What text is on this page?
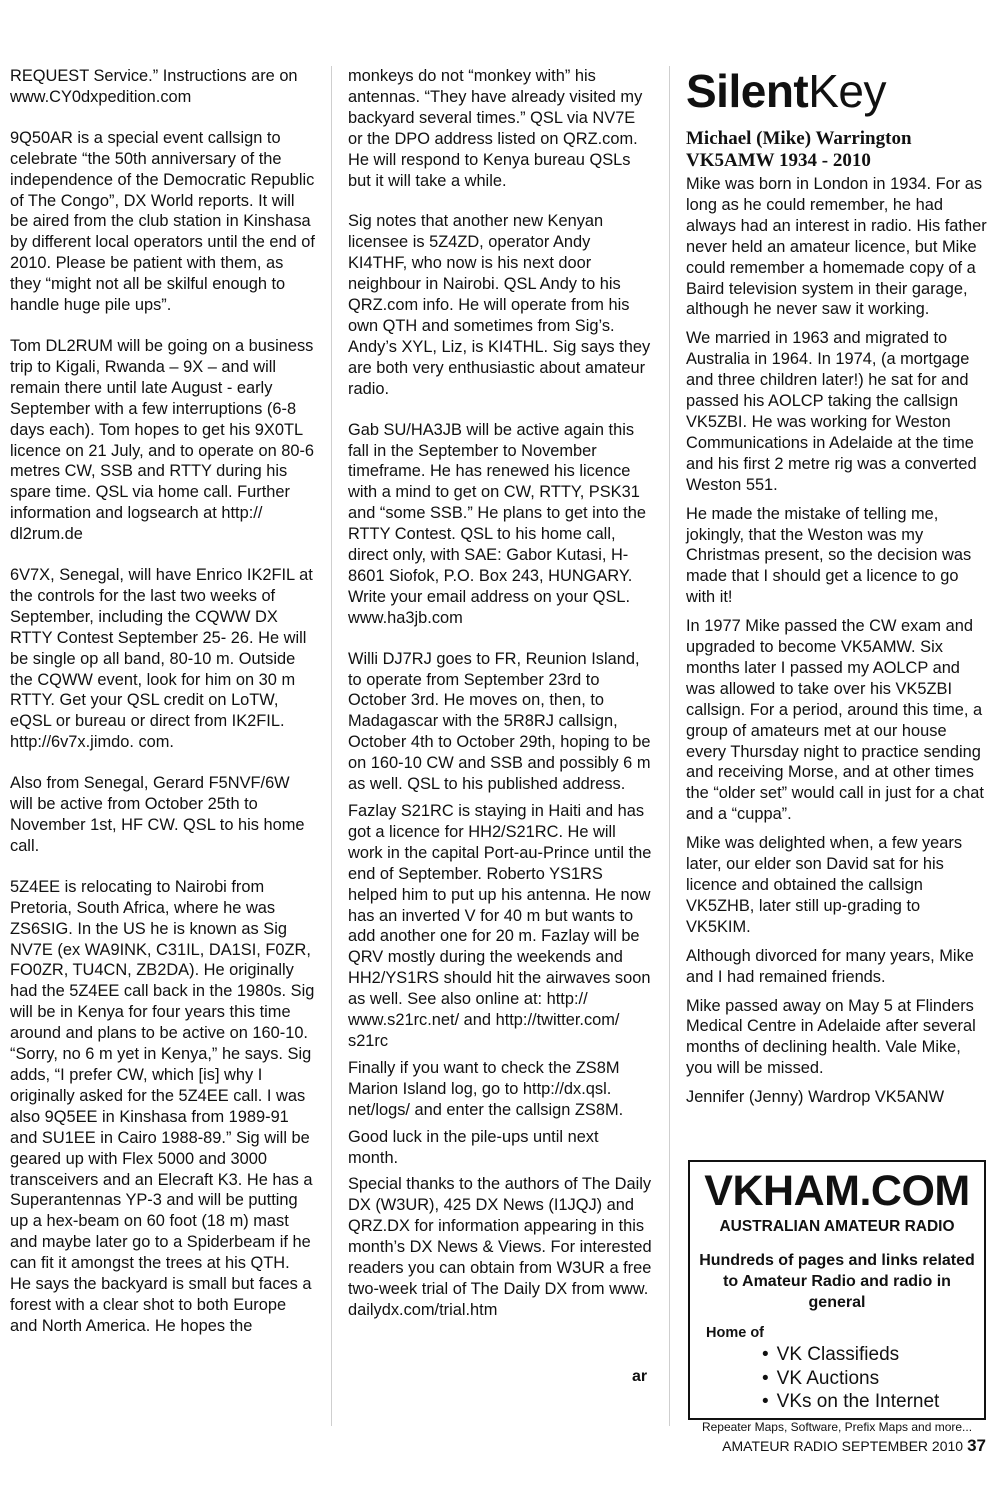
REQUEST Service.” Instructions are on www.CY0dxpedition.com

9Q50AR is a special event callsign to celebrate “the 50th anniversary of the independence of the Democratic Republic of The Congo”, DX World reports. It will be aired from the club station in Kinshasa by different local operators until the end of 2010. Please be patient with them, as they “might not all be skilful enough to handle huge pile ups”.

Tom DL2RUM will be going on a business trip to Kigali, Rwanda – 9X – and will remain there until late August - early September with a few interruptions (6-8 days each). Tom hopes to get his 9X0TL licence on 21 July, and to operate on 80-6 metres CW, SSB and RTTY during his spare time. QSL via home call. Further information and logsearch at http:// dl2rum.de

6V7X, Senegal, will have Enrico IK2FIL at the controls for the last two weeks of September, including the CQWW DX RTTY Contest September 25- 26. He will be single op all band, 80-10 m. Outside the CQWW event, look for him on 30 m RTTY. Get your QSL credit on LoTW, eQSL or bureau or direct from IK2FIL. http://6v7x.jimdo. com.

Also from Senegal, Gerard F5NVF/6W will be active from October 25th to November 1st, HF CW. QSL to his home call.

5Z4EE is relocating to Nairobi from Pretoria, South Africa, where he was ZS6SIG. In the US he is known as Sig NV7E (ex WA9INK, C31IL, DA1SI, F0ZR, FO0ZR, TU4CN, ZB2DA). He originally had the 5Z4EE call back in the 1980s. Sig will be in Kenya for four years this time around and plans to be active on 160-10. “Sorry, no 6 m yet in Kenya,” he says. Sig adds, “I prefer CW, which [is] why I originally asked for the 5Z4EE call. I was also 9Q5EE in Kinshasa from 1989-91 and SU1EE in Cairo 1988-89.” Sig will be geared up with Flex 5000 and 3000 transceivers and an Elecraft K3. He has a Superantennas YP-3 and will be putting up a hex-beam on 60 foot (18 m) mast and maybe later go to a Spiderbeam if he can fit it amongst the trees at his QTH. He says the backyard is small but faces a forest with a clear shot to both Europe and North America. He hopes the

monkeys do not “monkey with” his antennas. “They have already visited my backyard several times.” QSL via NV7E or the DPO address listed on QRZ.com. He will respond to Kenya bureau QSLs but it will take a while.

Sig notes that another new Kenyan licensee is 5Z4ZD, operator Andy KI4THF, who now is his next door neighbour in Nairobi. QSL Andy to his QRZ.com info. He will operate from his own QTH and sometimes from Sig’s. Andy’s XYL, Liz, is KI4THL. Sig says they are both very enthusiastic about amateur radio.

Gab SU/HA3JB will be active again this fall in the September to November timeframe. He has renewed his licence with a mind to get on CW, RTTY, PSK31 and “some SSB.” He plans to get into the RTTY Contest. QSL to his home call, direct only, with SAE: Gabor Kutasi, H-8601 Siofok, P.O. Box 243, HUNGARY. Write your email address on your QSL. www.ha3jb.com

Willi DJ7RJ goes to FR, Reunion Island, to operate from September 23rd to October 3rd. He moves on, then, to Madagascar with the 5R8RJ callsign, October 4th to October 29th, hoping to be on 160-10 CW and SSB and possibly 6 m as well. QSL to his published address.

Fazlay S21RC is staying in Haiti and has got a licence for HH2/S21RC. He will work in the capital Port-au-Prince until the end of September. Roberto YS1RS helped him to put up his antenna. He now has an inverted V for 40 m but wants to add another one for 20 m. Fazlay will be QRV mostly during the weekends and HH2/YS1RS should hit the airwaves soon as well. See also online at: http:// www.s21rc.net/ and http://twitter.com/ s21rc

Finally if you want to check the ZS8M Marion Island log, go to http://dx.qsl. net/logs/ and enter the callsign ZS8M.

Good luck in the pile-ups until next month.

Special thanks to the authors of The Daily DX (W3UR), 425 DX News (I1JQJ) and QRZ.DX for information appearing in this month’s DX News & Views. For interested readers you can obtain from W3UR a free two-week trial of The Daily DX from www. dailydx.com/trial.htm

ar
SilentKey
Michael (Mike) Warrington
VK5AMW 1934 - 2010

Mike was born in London in 1934. For as long as he could remember, he had always had an interest in radio. His father never held an amateur licence, but Mike could remember a homemade copy of a Baird television system in their garage, although he never saw it working.

We married in 1963 and migrated to Australia in 1964. In 1974, (a mortgage and three children later!) he sat for and passed his AOLCP taking the callsign VK5ZBI. He was working for Weston Communications in Adelaide at the time and his first 2 metre rig was a converted Weston 551.

He made the mistake of telling me, jokingly, that the Weston was my Christmas present, so the decision was made that I should get a licence to go with it!

In 1977 Mike passed the CW exam and upgraded to become VK5AMW. Six months later I passed my AOLCP and was allowed to take over his VK5ZBI callsign. For a period, around this time, a group of amateurs met at our house every Thursday night to practice sending and receiving Morse, and at other times the “older set” would call in just for a chat and a “cuppa”.

Mike was delighted when, a few years later, our elder son David sat for his licence and obtained the callsign VK5ZHB, later still up-grading to VK5KIM.

Although divorced for many years, Mike and I had remained friends.

Mike passed away on May 5 at Flinders Medical Centre in Adelaide after several months of declining health. Vale Mike, you will be missed.

Jennifer (Jenny) Wardrop VK5ANW

VKHAM.COM
AUSTRALIAN AMATEUR RADIO
Hundreds of pages and links related to Amateur Radio and radio in general
Home of
• VK Classifieds
• VK Auctions
• VKs on the Internet
Repeater Maps, Software, Prefix Maps and more...
AMATEUR RADIO SEPTEMBER 2010 37
